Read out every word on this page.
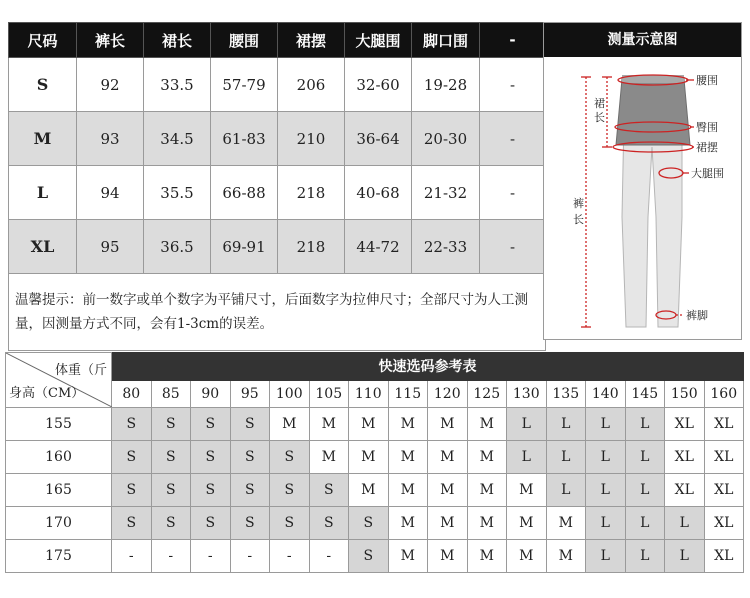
尺码	裤长	裙长	腰围	裙摆	大腿围	脚口围	-
S	92	33.5	57-79	206	32-60	19-28	-
M	93	34.5	61-83	210	36-64	20-30	-
L	94	35.5	66-88	218	40-68	21-32	-
XL	95	36.5	69-91	218	44-72	22-33	-
温馨提示：前一数字或单个数字为平铺尺寸，后面数字为拉伸尺寸；全部尺寸为人工测量，因测量方式不同，会有1-3cm的误差。							
测量示意图
腰围
臀围
裙摆
大腿围
裤脚
裙
长
裤
长
体重（斤
身高（CM）	快速选码参考表															
	80	85	90	95	100	105	110	115	120	125	130	135	140	145	150	160
155	S	S	S	S	M	M	M	M	M	M	L	L	L	L	XL	XL
160	S	S	S	S	S	M	M	M	M	M	L	L	L	L	XL	XL
165	S	S	S	S	S	S	M	M	M	M	M	L	L	L	XL	XL
170	S	S	S	S	S	S	S	M	M	M	M	M	L	L	L	XL
175	-	-	-	-	-	-	S	M	M	M	M	M	L	L	L	XL
